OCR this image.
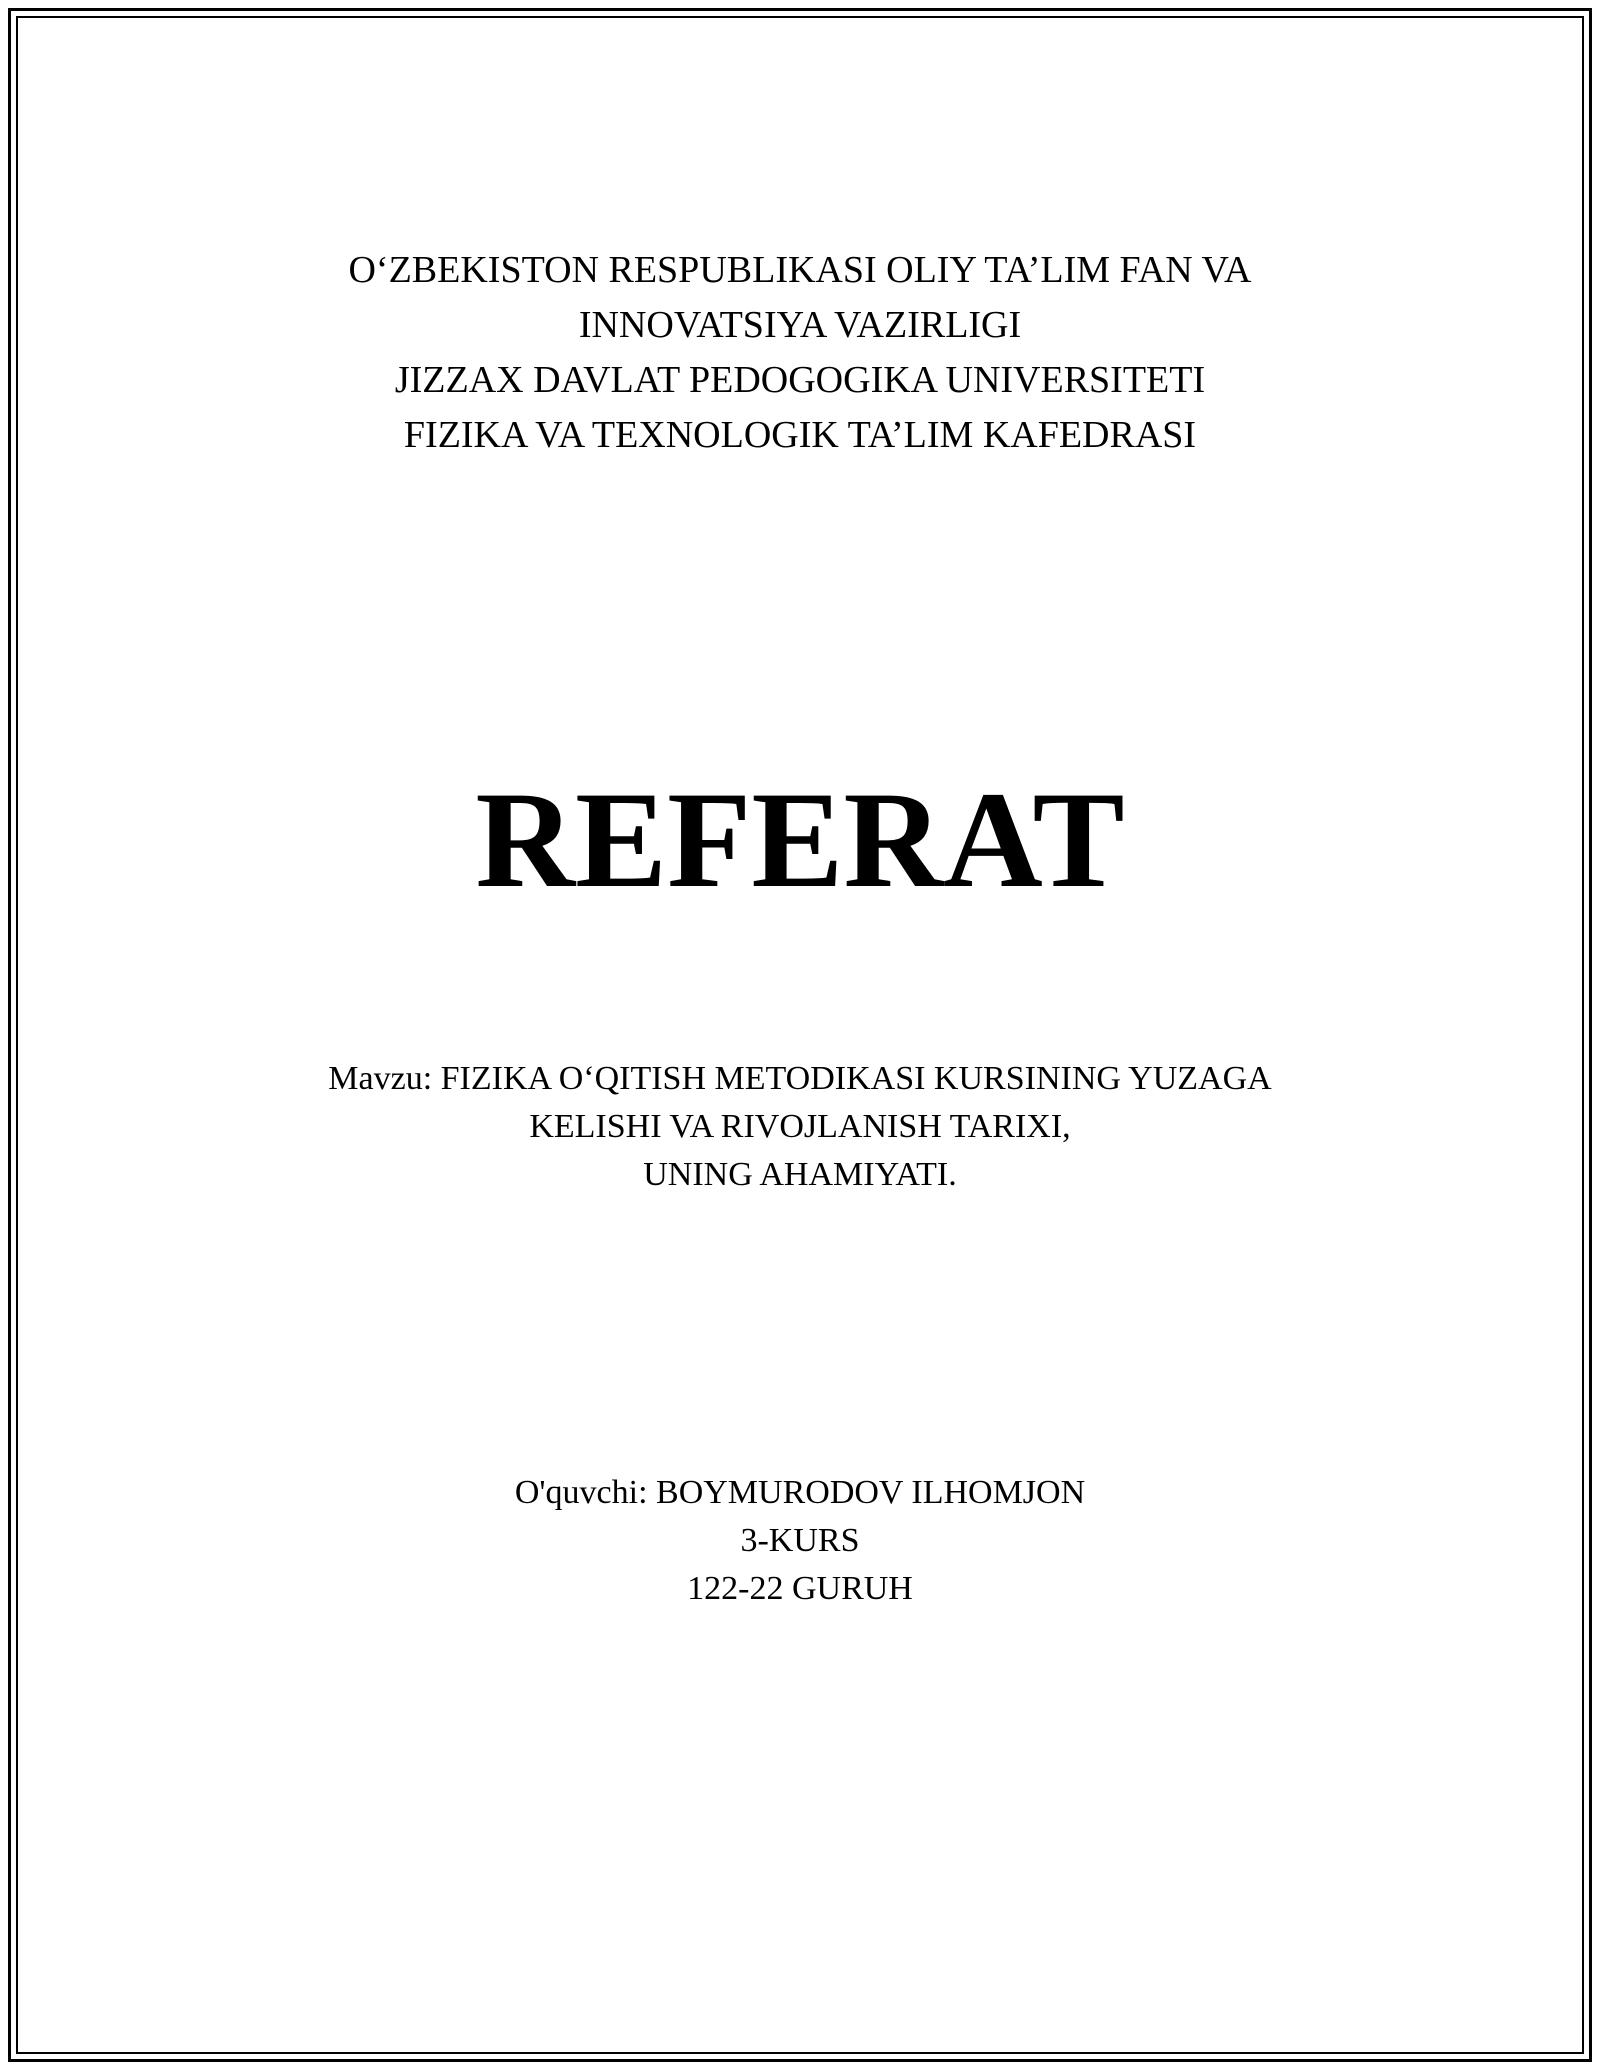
O‘ZBEKISTON RESPUBLIKASI OLIY TA’LIM FAN VA
INNOVATSIYA VAZIRLIGI
JIZZAX DAVLAT PEDOGOGIKA UNIVERSITETI
FIZIKA VA TEXNOLOGIK TA’LIM KAFEDRASI
REFERAT
Mavzu: FIZIKA O‘QITISH METODIKASI KURSINING YUZAGA
KELISHI VA RIVOJLANISH TARIXI,
UNING AHAMIYATI.
O'quvchi: BOYMURODOV ILHOMJON
3-KURS
122-22 GURUH
